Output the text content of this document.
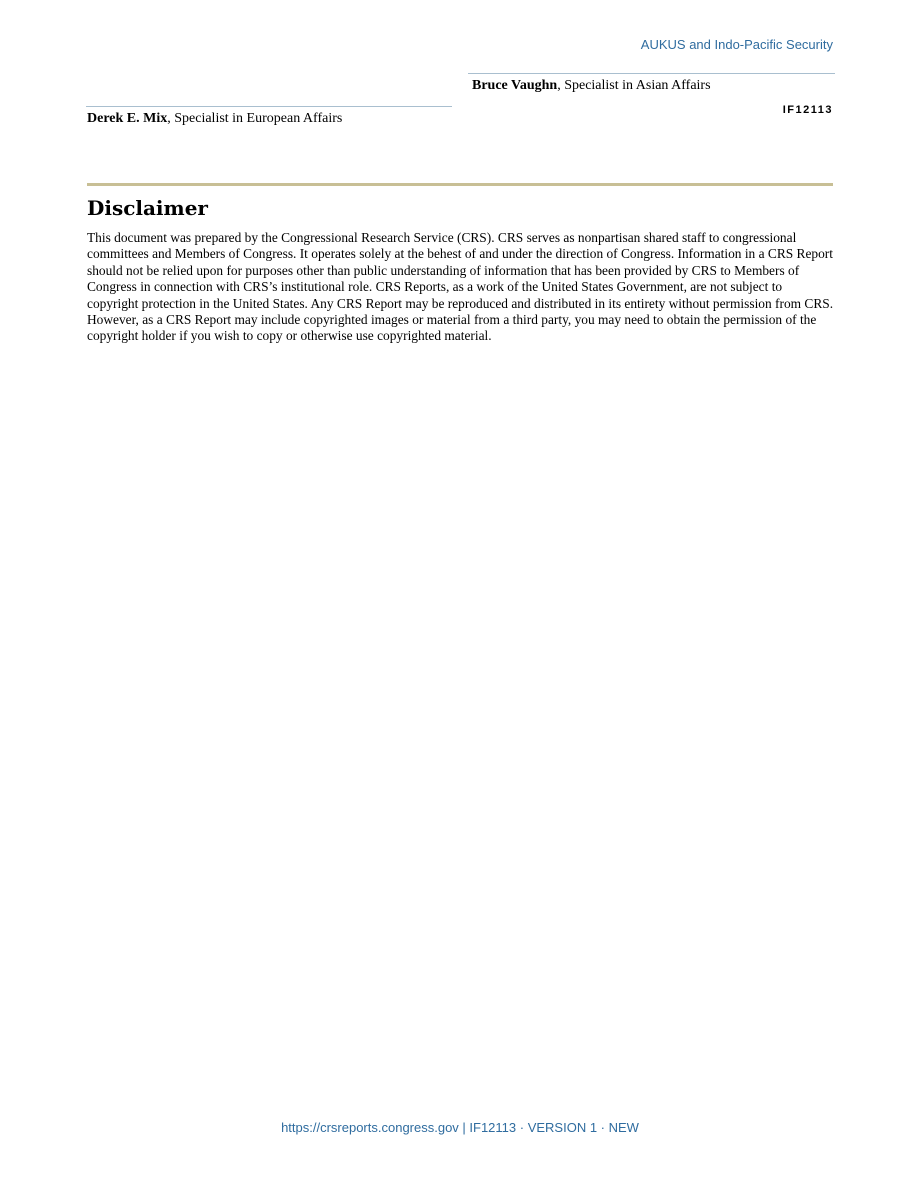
AUKUS and Indo-Pacific Security
Bruce Vaughn, Specialist in Asian Affairs
IF12113
Derek E. Mix, Specialist in European Affairs
Disclaimer

This document was prepared by the Congressional Research Service (CRS). CRS serves as nonpartisan shared staff to congressional committees and Members of Congress. It operates solely at the behest of and under the direction of Congress. Information in a CRS Report should not be relied upon for purposes other than public understanding of information that has been provided by CRS to Members of Congress in connection with CRS’s institutional role. CRS Reports, as a work of the United States Government, are not subject to copyright protection in the United States. Any CRS Report may be reproduced and distributed in its entirety without permission from CRS. However, as a CRS Report may include copyrighted images or material from a third party, you may need to obtain the permission of the copyright holder if you wish to copy or otherwise use copyrighted material.

https://crsreports.congress.gov | IF12113 · VERSION 1 · NEW
